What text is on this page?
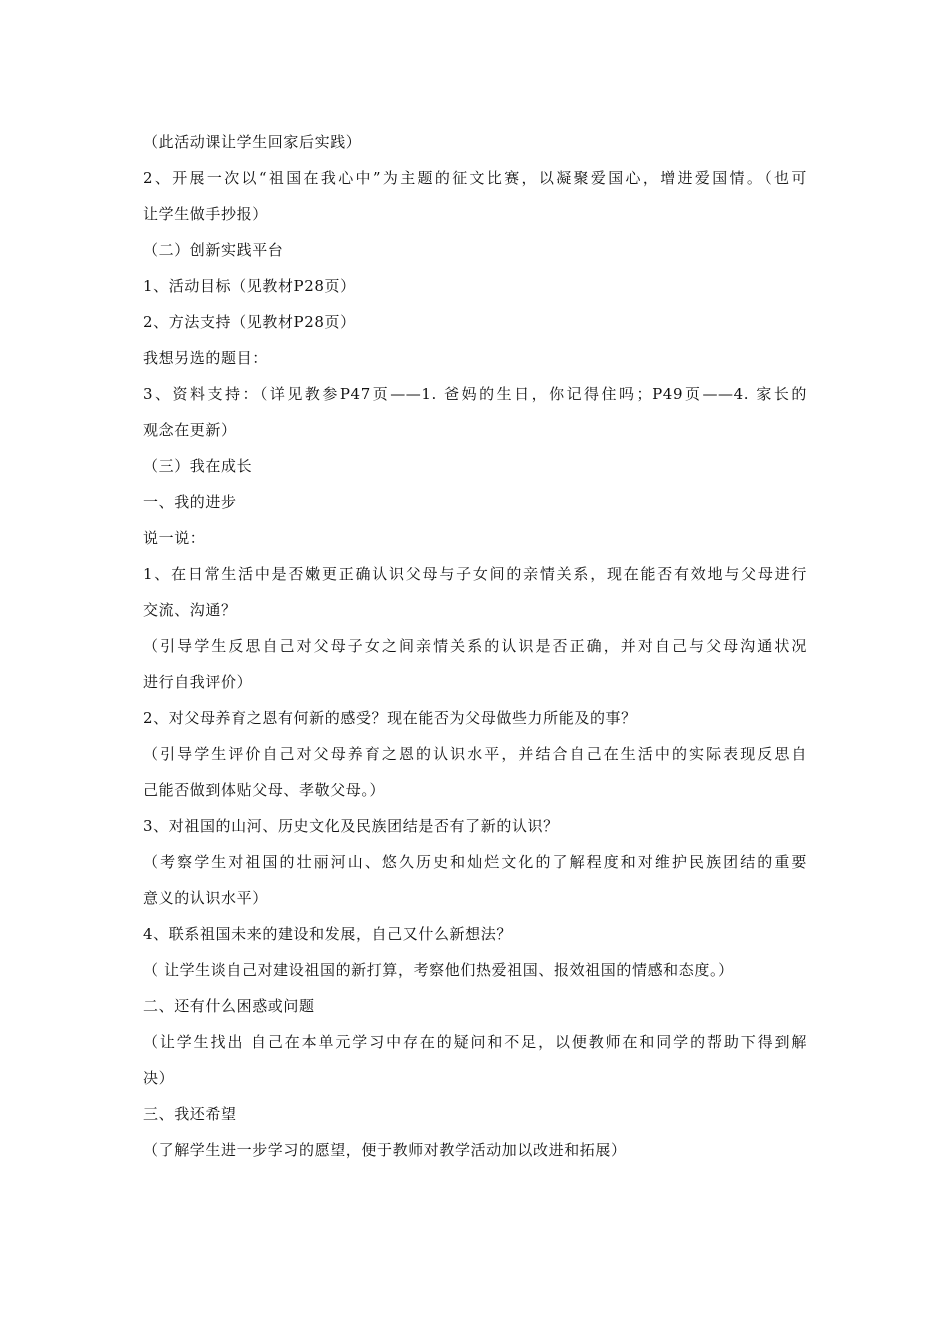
（此活动课让学生回家后实践）
2、开展一次以“祖国在我心中”为主题的征文比赛，以凝聚爱国心，增进爱国情。（也可
让学生做手抄报）
（二）创新实践平台
1、活动目标（见教材P28页）
2、方法支持（见教材P28页）
我想另选的题目：
3、资料支持：（详见教参P47页——1. 爸妈的生日，你记得住吗；P49页——4. 家长的
观念在更新）
（三）我在成长
一、我的进步
说一说：
1、在日常生活中是否嫩更正确认识父母与子女间的亲情关系，现在能否有效地与父母进行
交流、沟通？
（引导学生反思自己对父母子女之间亲情关系的认识是否正确，并对自己与父母沟通状况
进行自我评价）
2、对父母养育之恩有何新的感受？现在能否为父母做些力所能及的事？
（引导学生评价自己对父母养育之恩的认识水平，并结合自己在生活中的实际表现反思自
己能否做到体贴父母、孝敬父母。）
3、对祖国的山河、历史文化及民族团结是否有了新的认识？
（考察学生对祖国的壮丽河山、悠久历史和灿烂文化的了解程度和对维护民族团结的重要
意义的认识水平）
4、联系祖国未来的建设和发展，自己又什么新想法？
（ 让学生谈自己对建设祖国的新打算，考察他们热爱祖国、报效祖国的情感和态度。）
二、还有什么困惑或问题
（让学生找出 自己在本单元学习中存在的疑问和不足，以便教师在和同学的帮助下得到解
决）
三、我还希望
（了解学生进一步学习的愿望，便于教师对教学活动加以改进和拓展）
